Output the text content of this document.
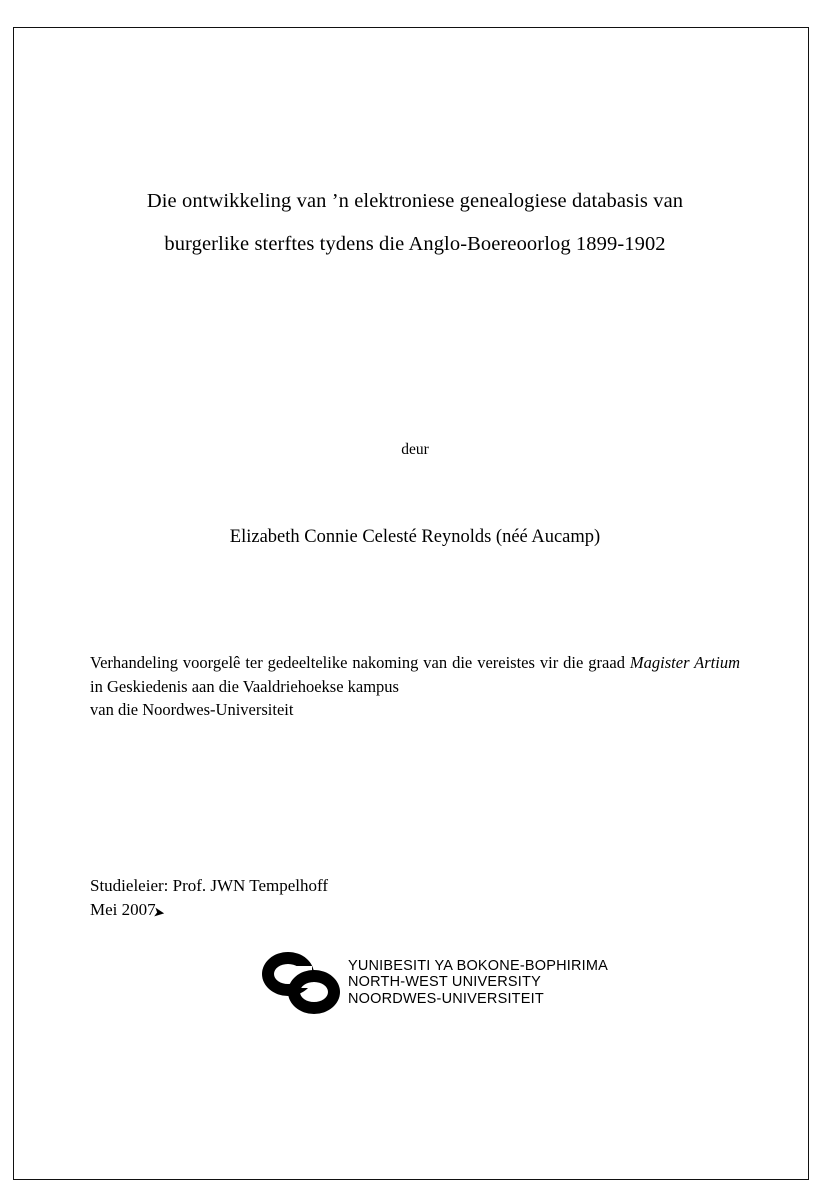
Die ontwikkeling van ’n elektroniese genealogiese databasis van
burgerlike sterftes tydens die Anglo-Boereoorlog 1899-1902
deur
Elizabeth Connie Celesté Reynolds (néé Aucamp)
Verhandeling voorgelê ter gedeeltelike nakoming van die vereistes vir die graad Magister Artium in Geskiedenis aan die Vaaldriehoekse kampus
van die Noordwes-Universiteit
Studieleier: Prof. JWN Tempelhoff
Mei 2007
➤
YUNIBESITI YA BOKONE-BOPHIRIMA
NORTH-WEST UNIVERSITY
NOORDWES-UNIVERSITEIT
